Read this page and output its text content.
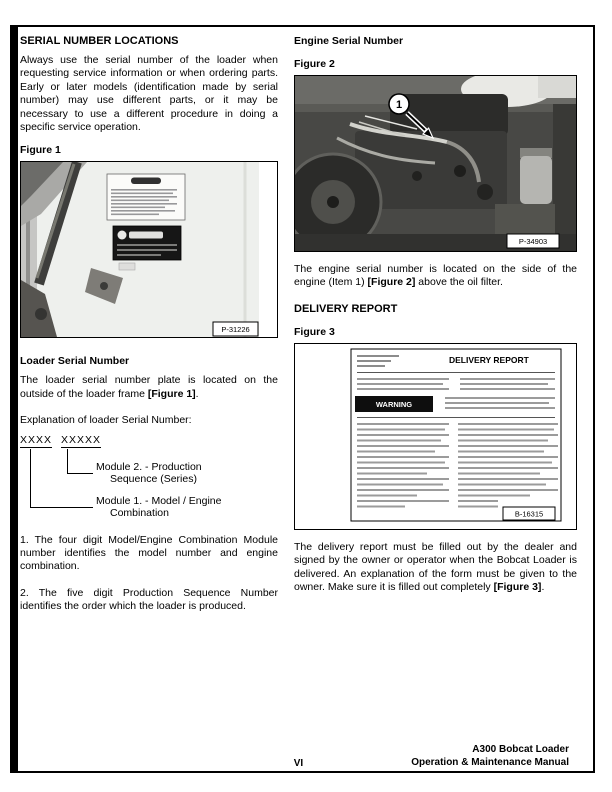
SERIAL NUMBER LOCATIONS

Always use the serial number of the loader when requesting service information or when ordering parts. Early or later models (identification made by serial number) may use different parts, or it may be necessary to use a different procedure in doing a specific service operation.

Figure 1
P-31226
Loader Serial Number

The loader serial number plate is located on the outside of the loader frame [Figure 1].

Explanation of loader Serial Number:

XXXX XXXXX
Module 2. - Production Sequence (Series)
Module 1. - Model / Engine Combination

1. The four digit Model/Engine Combination Module number identifies the model number and engine combination.

2. The five digit Production Sequence Number identifies the order which the loader is produced.

Engine Serial Number
Figure 2
1
P-34903

The engine serial number is located on the side of the engine (Item 1) [Figure 2] above the oil filter.

DELIVERY REPORT
Figure 3
DELIVERY REPORT
WARNING
B-16315

The delivery report must be filled out by the dealer and signed by the owner or operator when the Bobcat Loader is delivered. An explanation of the form must be given to the owner. Make sure it is filled out completely [Figure 3].

VI
A300 Bobcat Loader
Operation & Maintenance Manual
